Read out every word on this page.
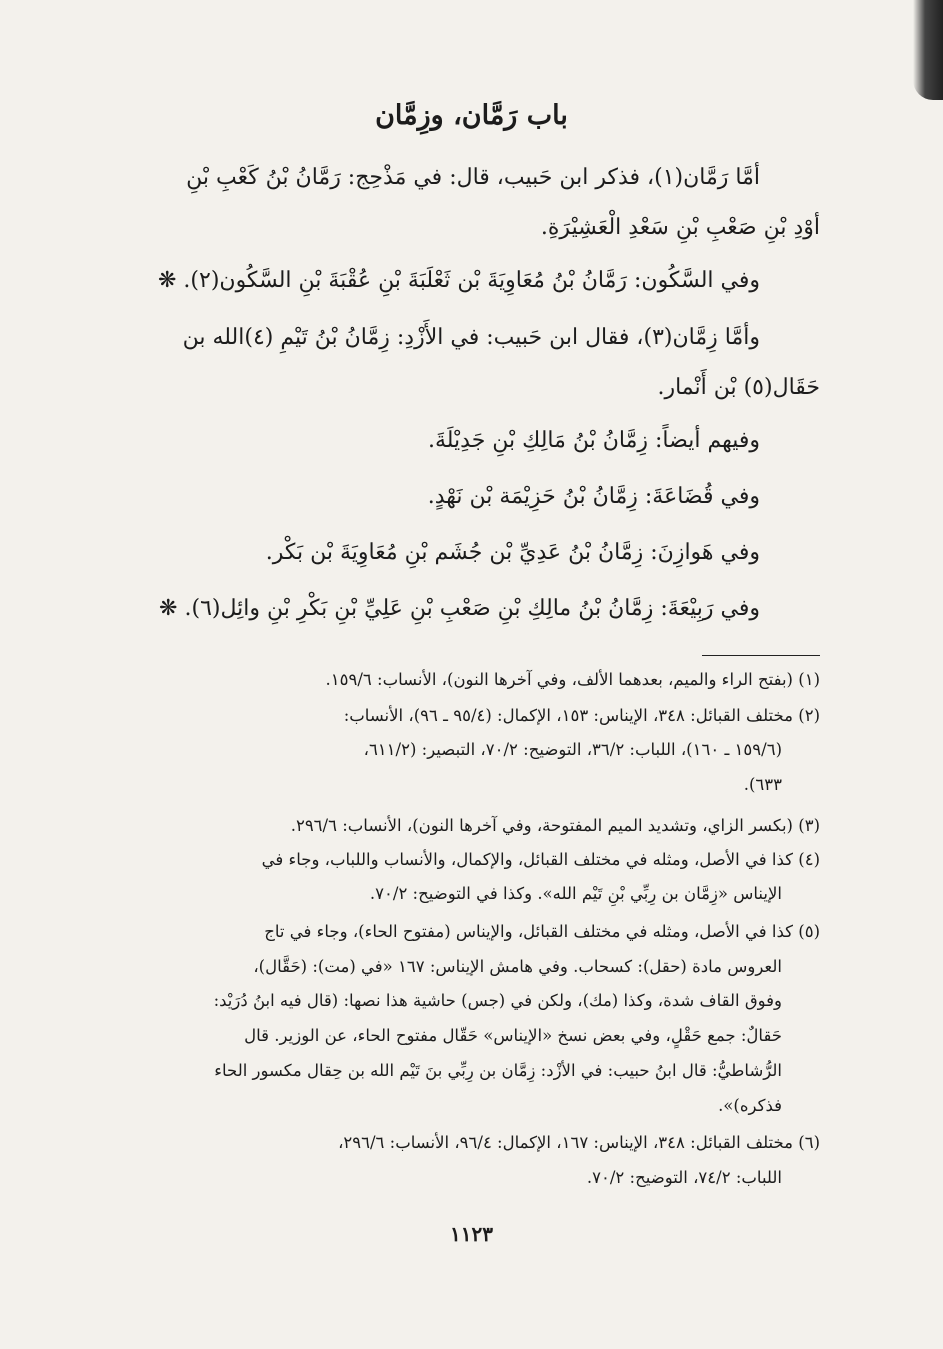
باب رَمَّان، وزِمَّان
أمَّا رَمَّان(١)، فذكر ابن حَبيب، قال: في مَذْحِج: رَمَّانُ بْنُ كَعْبِ بْنِ
أوْدِ بْنِ صَعْبِ بْنِ سَعْدِ الْعَشِيْرَةِ.
وفي السَّكُون: رَمَّانُ بْنُ مُعَاوِيَةَ بْن ثَعْلَبَةَ بْنِ عُقْبَةَ بْنِ السَّكُون(٢). ❋
وأمَّا زِمَّان(٣)، فقال ابن حَبيب: في الأَزْدِ: زِمَّانُ بْنُ تَيْمِ (٤)الله بن
حَقَال(٥) بْن أَنْمار.
وفيهم أيضاً: زِمَّانُ بْنُ مَالِكِ بْنِ جَدِيْلَةَ.
وفي قُضَاعَةَ: زِمَّانُ بْنُ حَزِيْمَة بْن نَهْدٍ.
وفي هَوازِنَ: زِمَّانُ بْنُ عَدِيِّ بْن جُشَم بْنِ مُعَاوِيَةَ بْن بَكْر.
وفي رَبِيْعَةَ: زِمَّانُ بْنُ مالِكِ بْنِ صَعْبِ بْنِ عَلِيِّ بْنِ بَكْرِ بْنِ وائِل(٦). ❋
(١) (بفتح الراء والميم، بعدهما الألف، وفي آخرها النون)، الأنساب: ١٥٩/٦.
(٢) مختلف القبائل: ٣٤٨، الإيناس: ١٥٣، الإكمال: (٩٥/٤ ـ ٩٦)، الأنساب:
(١٥٩/٦ ـ ١٦٠)، اللباب: ٣٦/٢، التوضيح: ٧٠/٢، التبصير: (٦١١/٢،
٦٣٣).
(٣) (بكسر الزاي، وتشديد الميم المفتوحة، وفي آخرها النون)، الأنساب: ٢٩٦/٦.
(٤) كذا في الأصل، ومثله في مختلف القبائل، والإكمال، والأنساب واللباب، وجاء في
الإيناس «زِمَّان بن رِبِّي بْنِ تَيْم الله». وكذا في التوضيح: ٧٠/٢.
(٥) كذا في الأصل، ومثله في مختلف القبائل، والإيناس (مفتوح الحاء)، وجاء في تاج
العروس مادة (حقل): كسحاب. وفي هامش الإيناس: ١٦٧ «في (مت): (حَقَّال)،
وفوق القاف شدة، وكذا (مك)، ولكن في (جس) حاشية هذا نصها: (قال فيه ابنُ دُرَيْد:
حَقالٌ: جمع حَقْلٍ، وفي بعض نسخ «الإيناس» حَقّال مفتوح الحاء، عن الوزير. قال
الرُّشاطيُّ: قال ابنُ حبيب: في الأزْد: زِمَّان بن رِبِّي بنَ تَيْم الله بن حِقال مكسور الحاء
فذكره)».
(٦) مختلف القبائل: ٣٤٨، الإيناس: ١٦٧، الإكمال: ٩٦/٤، الأنساب: ٢٩٦/٦،
اللباب: ٧٤/٢، التوضيح: ٧٠/٢.
١١٢٣
